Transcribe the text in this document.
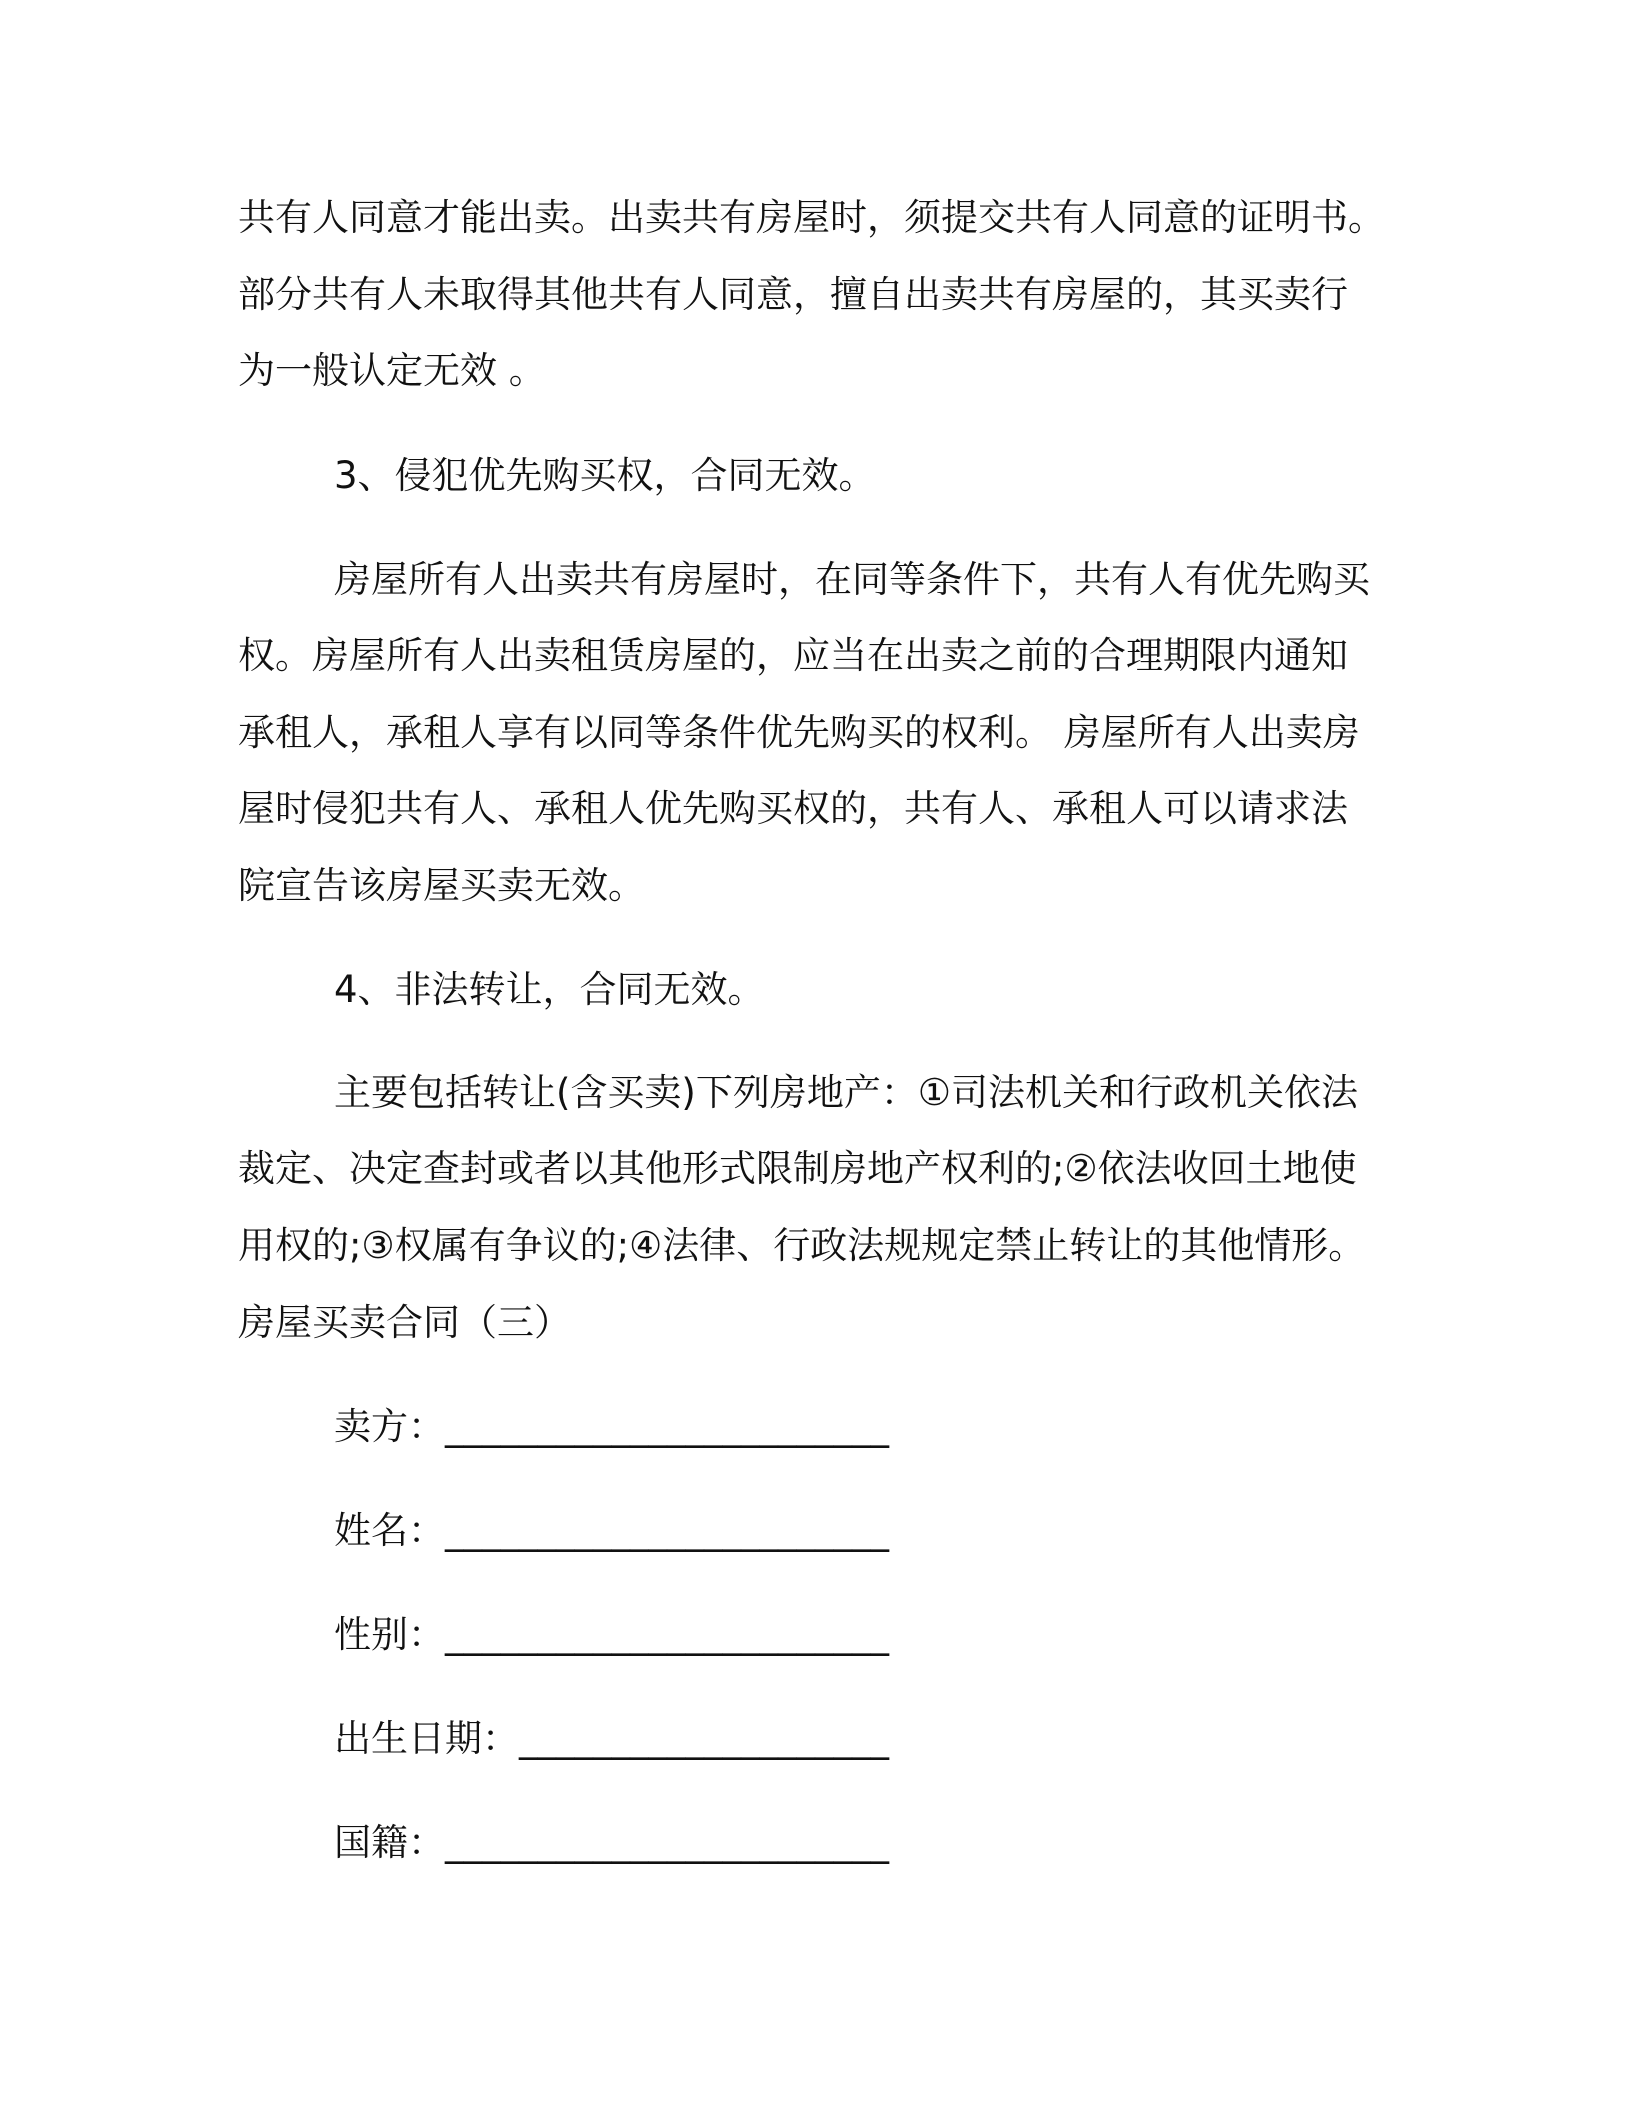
共有人同意才能出卖。出卖共有房屋时，须提交共有人同意的证明书。
部分共有人未取得其他共有人同意，擅自出卖共有房屋的，其买卖行
为一般认定无效 。
3、侵犯优先购买权，合同无效。
房屋所有人出卖共有房屋时，在同等条件下，共有人有优先购买
权。房屋所有人出卖租赁房屋的，应当在出卖之前的合理期限内通知
承租人，承租人享有以同等条件优先购买的权利。 房屋所有人出卖房
屋时侵犯共有人、承租人优先购买权的，共有人、承租人可以请求法
院宣告该房屋买卖无效。
4、非法转让，合同无效。
主要包括转让(含买卖)下列房地产：①司法机关和行政机关依法
裁定、决定查封或者以其他形式限制房地产权利的;②依法收回土地使
用权的;③权属有争议的;④法律、行政法规规定禁止转让的其他情形。
房屋买卖合同（三）
卖方：________________________
姓名：________________________
性别：________________________
出生日期：____________________
国籍：________________________
